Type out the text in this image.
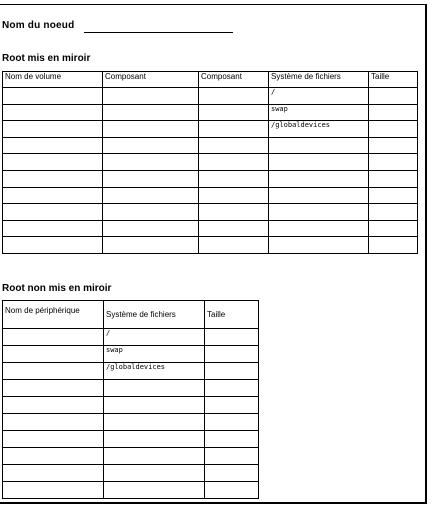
Nom du noeud
Root mis en miroir
Nom de volume	Composant	Composant	Système de fichiers	Taille
			/	
			swap	
			/globaldevices	

Root non mis en miroir
Nom de périphérique	Système de fichiers	Taille
	/	
	swap	
	/globaldevices	
